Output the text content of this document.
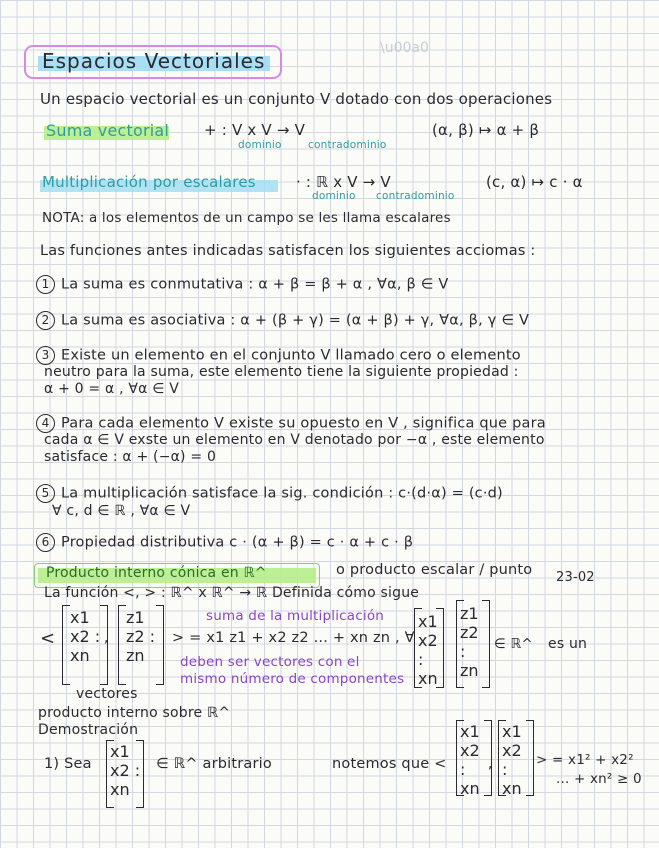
\u00a0
Espacios Vectoriales
Un espacio vectorial es un conjunto V dotado con dos operaciones
Suma vectorial + : V x V → V
dominio	contradominio
(α, β) ↦ α + β
Multiplicación por escalares	· : ℝ x V → V
dominio contradominio
(c, α) ↦ c · α
NOTA: a los elementos de un campo se les llama escalares
Las funciones antes indicadas satisfacen los siguientes acciomas :
1 La suma es conmutativa : α + β = β + α , ∀α, β ∈ V
2 La suma es asociativa : α + (β + γ) = (α + β) + γ, ∀α, β, γ ∈ V
3 Existe un elemento en el conjunto V llamado cero o elemento
neutro para la suma, este elemento tiene la siguiente propiedad :
α + 0 = α , ∀α ∈ V
4 Para cada elemento V existe su opuesto en V , significa que para
cada α ∈ V exste un elemento en V denotado por −α , este elemento
satisface : α + (−α) = 0
5 La multiplicación satisface la sig. condición : c·(d·α) = (c·d)
∀ c, d ∈ ℝ , ∀α ∈ V
6 Propiedad distributiva c · (α + β) = c · α + c · β
Producto interno cónica en ℝ^	o producto escalar / punto 23-02
La función <, > : ℝ^ x ℝ^ → ℝ Definida cómo sigue
<
x1 x2 : xn
,
z1 z2 : zn
> = x1 z1 + x2 z2 ... + xn zn , ∀
suma de la multiplicación
deben ser vectores con el
mismo número de componentes
x1 x2 : xn
z1 z2 : zn
∈ ℝ^ es un
vectores
producto interno sobre ℝ^
Demostración
1) Sea
x1 x2 : xn
∈ ℝ^ arbitrario	notemos que <
x1 x2 : xn
,
x1 x2 : xn
> = x1² + x2²
... + xn² ≥ 0
